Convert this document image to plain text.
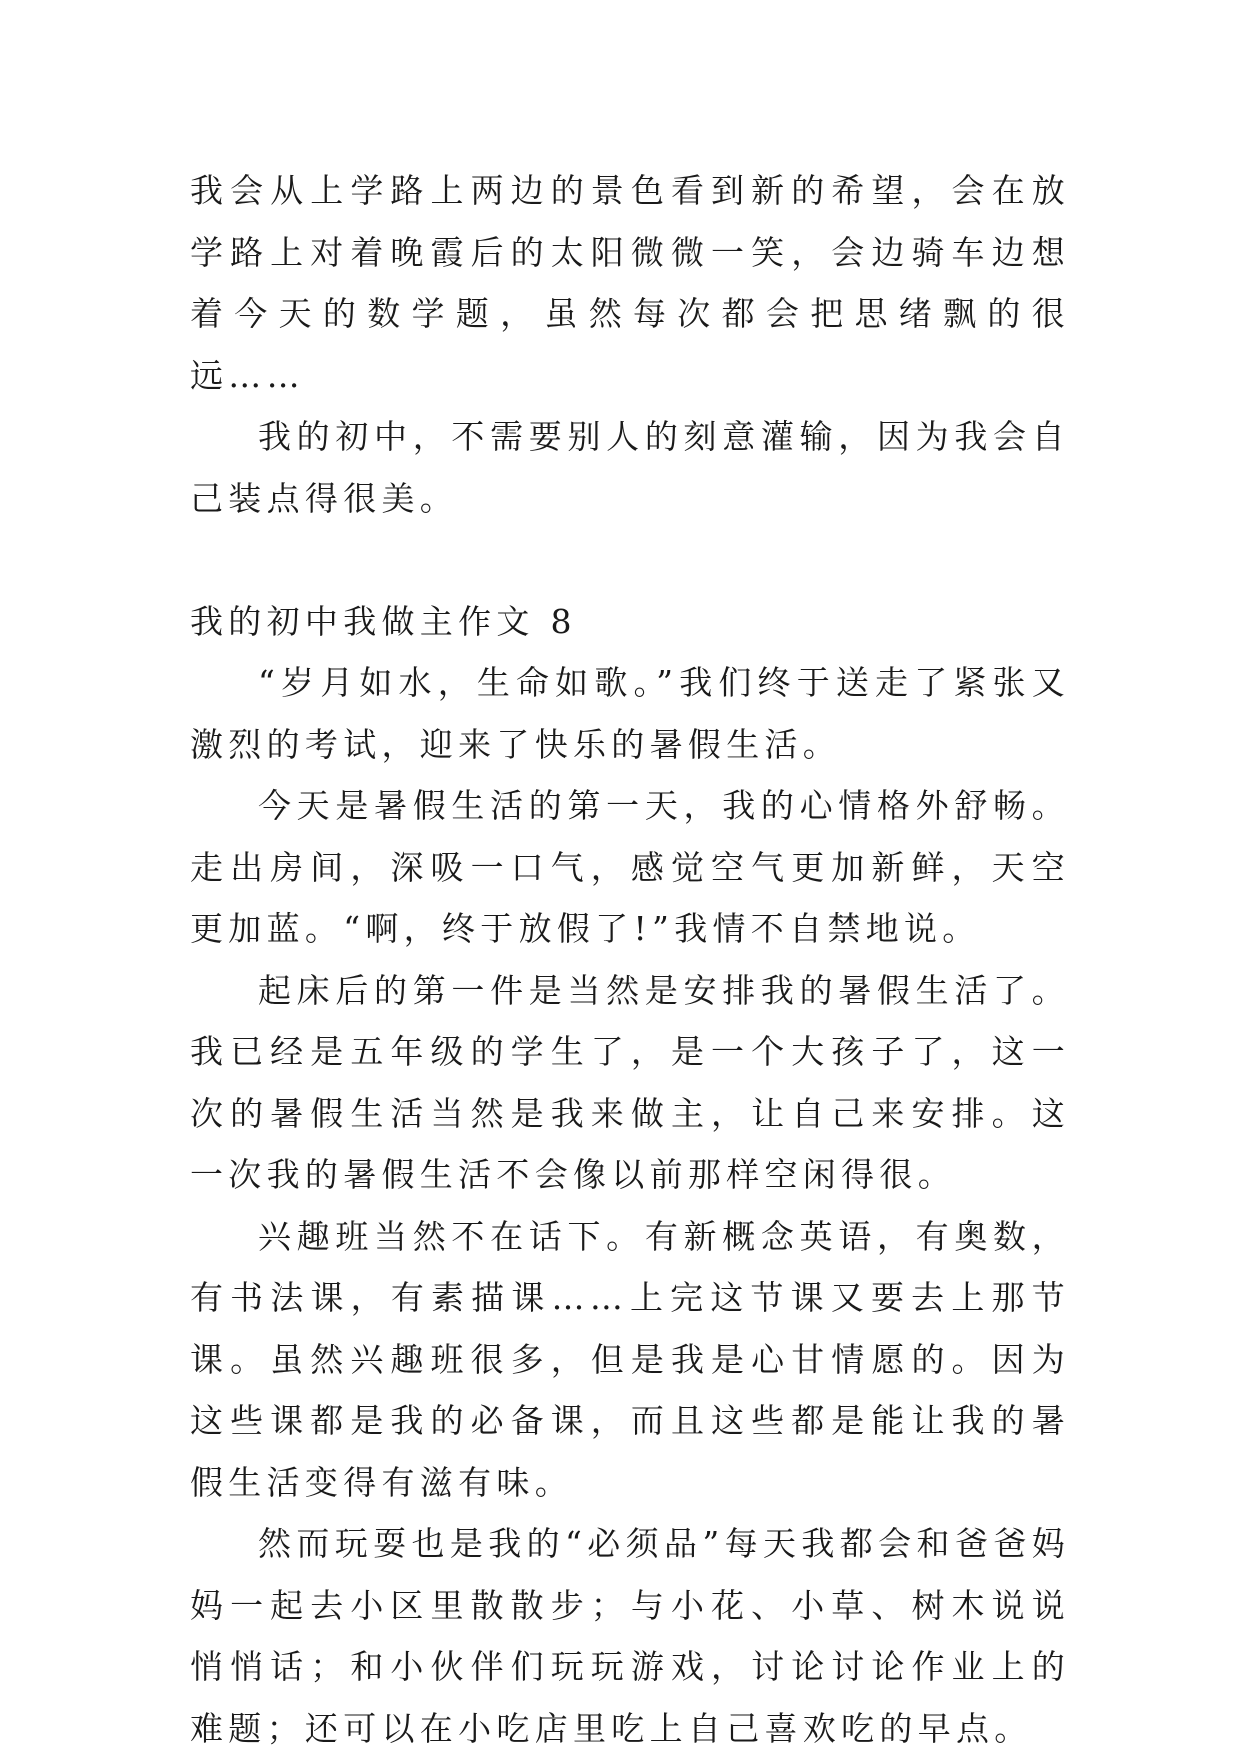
我会从上学路上两边的景色看到新的希望，会在放学路上对着晚霞后的太阳微微一笑，会边骑车边想着今天的数学题，虽然每次都会把思绪飘的很远……

我的初中，不需要别人的刻意灌输，因为我会自己装点得很美。

我的初中我做主作文 8

“岁月如水，生命如歌。”我们终于送走了紧张又激烈的考试，迎来了快乐的暑假生活。

今天是暑假生活的第一天，我的心情格外舒畅。走出房间，深吸一口气，感觉空气更加新鲜，天空更加蓝。“啊，终于放假了!”我情不自禁地说。

起床后的第一件是当然是安排我的暑假生活了。我已经是五年级的学生了，是一个大孩子了，这一次的暑假生活当然是我来做主，让自己来安排。这一次我的暑假生活不会像以前那样空闲得很。

兴趣班当然不在话下。有新概念英语，有奥数，有书法课，有素描课……上完这节课又要去上那节课。虽然兴趣班很多，但是我是心甘情愿的。因为这些课都是我的必备课，而且这些都是能让我的暑假生活变得有滋有味。

然而玩耍也是我的“必须品”每天我都会和爸爸妈妈一起去小区里散散步；与小花、小草、树木说说悄悄话；和小伙伴们玩玩游戏，讨论讨论作业上的难题；还可以在小吃店里吃上自己喜欢吃的早点。
